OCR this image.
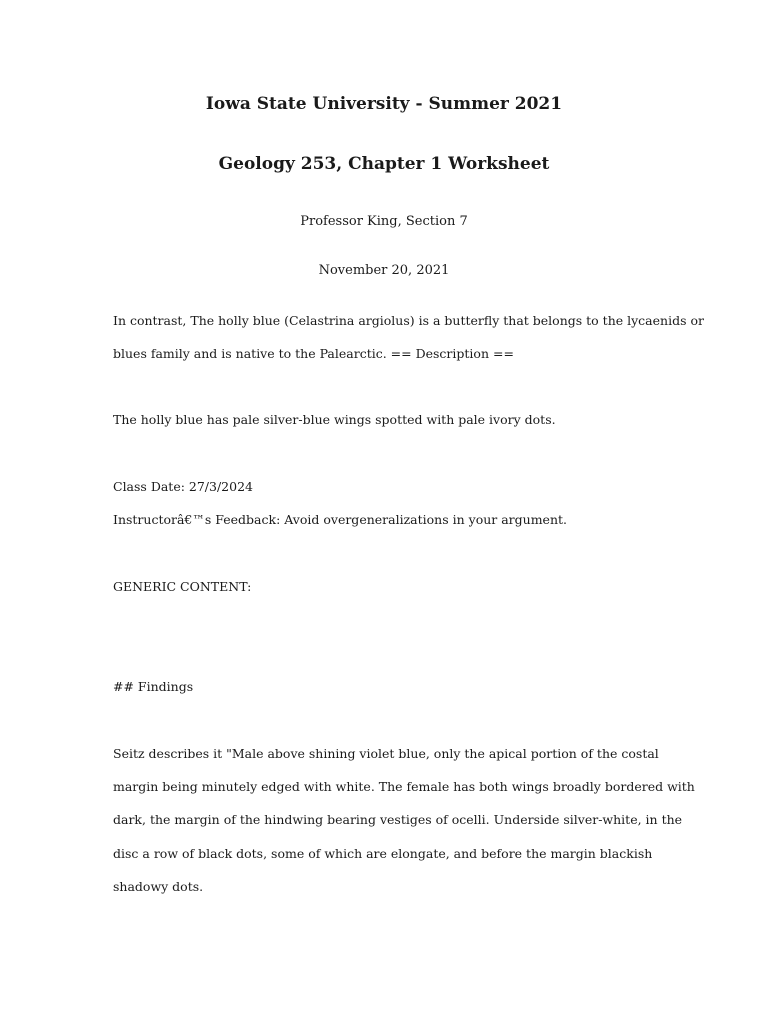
Iowa State University - Summer 2021
Geology 253, Chapter 1 Worksheet
Professor King, Section 7
November 20, 2021
In contrast, The holly blue (Celastrina argiolus) is a butterfly that belongs to the lycaenids or
blues family and is native to the Palearctic. == Description ==
The holly blue has pale silver-blue wings spotted with pale ivory dots.
Class Date: 27/3/2024
Instructorâ€™s Feedback: Avoid overgeneralizations in your argument.
GENERIC CONTENT:
## Findings
Seitz describes it "Male above shining violet blue, only the apical portion of the costal
margin being minutely edged with white. The female has both wings broadly bordered with
dark, the margin of the hindwing bearing vestiges of ocelli. Underside silver-white, in the
disc a row of black dots, some of which are elongate, and before the margin blackish
shadowy dots.
